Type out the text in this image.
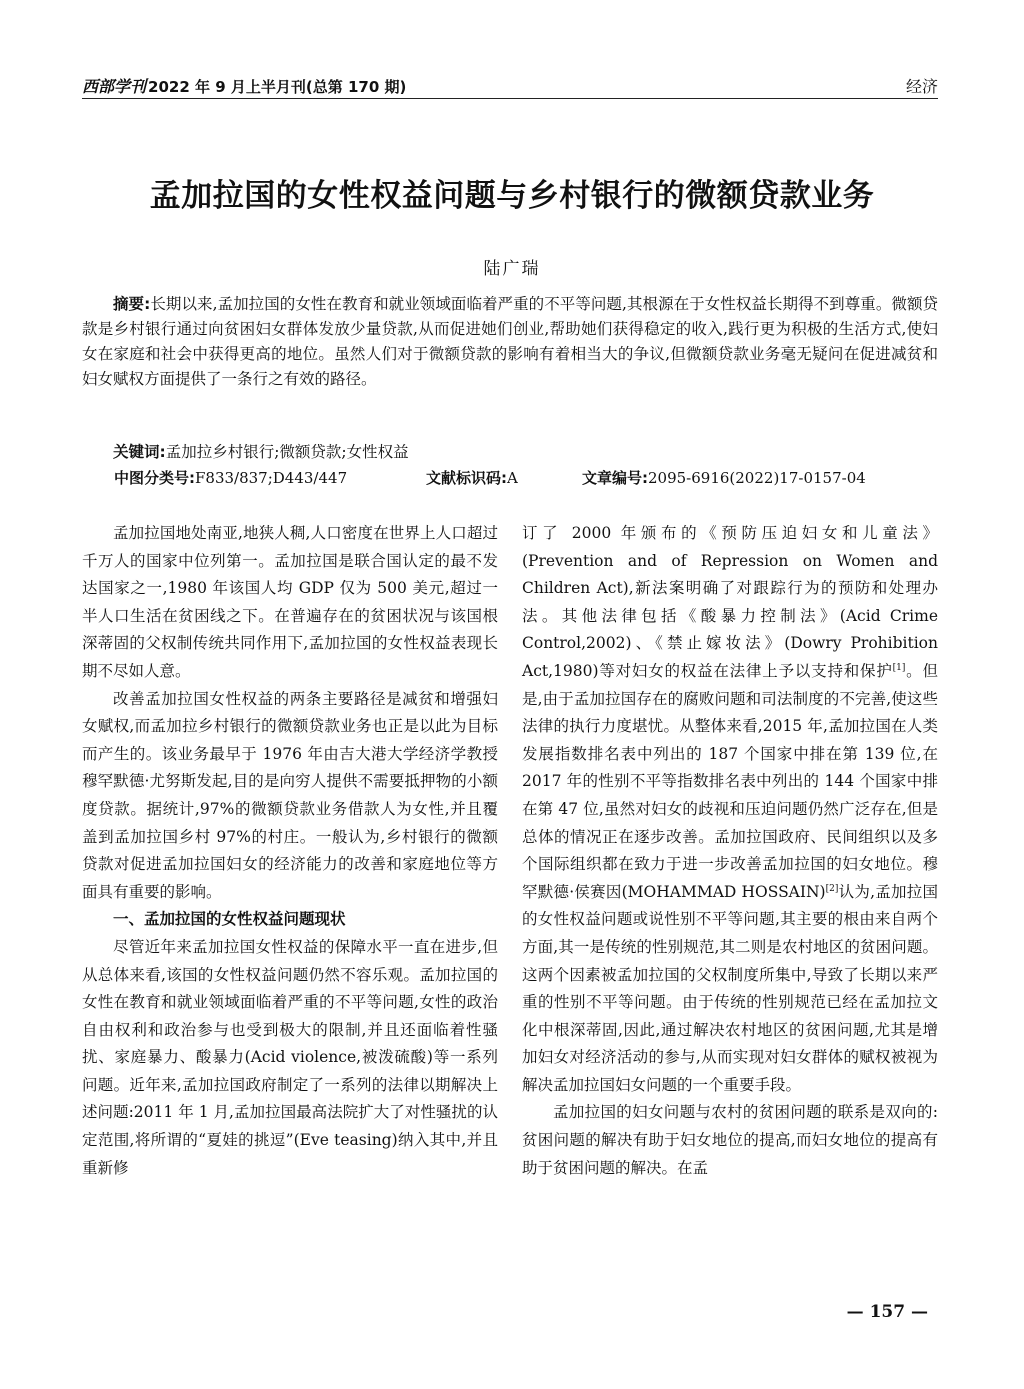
西部学刊 2022 年 9 月上半月刊(总第 170 期)	经济
孟加拉国的女性权益问题与乡村银行的微额贷款业务
陆广瑞
摘要:长期以来,孟加拉国的女性在教育和就业领域面临着严重的不平等问题,其根源在于女性权益长期得不到尊重。微额贷款是乡村银行通过向贫困妇女群体发放少量贷款,从而促进她们创业,帮助她们获得稳定的收入,践行更为积极的生活方式,使妇女在家庭和社会中获得更高的地位。虽然人们对于微额贷款的影响有着相当大的争议,但微额贷款业务毫无疑问在促进减贫和妇女赋权方面提供了一条行之有效的路径。
关键词:孟加拉乡村银行;微额贷款;女性权益
中图分类号:F833/837;D443/447	文献标识码:A	文章编号:2095-6916(2022)17-0157-04

孟加拉国地处南亚,地狭人稠,人口密度在世界上人口超过千万人的国家中位列第一。孟加拉国是联合国认定的最不发达国家之一,1980 年该国人均 GDP 仅为 500 美元,超过一半人口生活在贫困线之下。在普遍存在的贫困状况与该国根深蒂固的父权制传统共同作用下,孟加拉国的女性权益表现长期不尽如人意。

改善孟加拉国女性权益的两条主要路径是减贫和增强妇女赋权,而孟加拉乡村银行的微额贷款业务也正是以此为目标而产生的。该业务最早于 1976 年由吉大港大学经济学教授穆罕默德·尤努斯发起,目的是向穷人提供不需要抵押物的小额度贷款。据统计,97%的微额贷款业务借款人为女性,并且覆盖到孟加拉国乡村 97%的村庄。一般认为,乡村银行的微额贷款对促进孟加拉国妇女的经济能力的改善和家庭地位等方面具有重要的影响。

一、孟加拉国的女性权益问题现状

尽管近年来孟加拉国女性权益的保障水平一直在进步,但从总体来看,该国的女性权益问题仍然不容乐观。孟加拉国的女性在教育和就业领域面临着严重的不平等问题,女性的政治自由权利和政治参与也受到极大的限制,并且还面临着性骚扰、家庭暴力、酸暴力(Acid violence,被泼硫酸)等一系列问题。近年来,孟加拉国政府制定了一系列的法律以期解决上述问题:2011 年 1 月,孟加拉国最高法院扩大了对性骚扰的认定范围,将所谓的“夏娃的挑逗”(Eve teasing)纳入其中,并且重新修

订了 2000 年颁布的《预防压迫妇女和儿童法》(Prevention and of Repression on Women and Children Act),新法案明确了对跟踪行为的预防和处理办法。其他法律包括《酸暴力控制法》(Acid Crime Control,2002)、《禁止嫁妆法》(Dowry Prohibition Act,1980)等对妇女的权益在法律上予以支持和保护[1]。但是,由于孟加拉国存在的腐败问题和司法制度的不完善,使这些法律的执行力度堪忧。从整体来看,2015 年,孟加拉国在人类发展指数排名表中列出的 187 个国家中排在第 139 位,在 2017 年的性别不平等指数排名表中列出的 144 个国家中排在第 47 位,虽然对妇女的歧视和压迫问题仍然广泛存在,但是总体的情况正在逐步改善。孟加拉国政府、民间组织以及多个国际组织都在致力于进一步改善孟加拉国的妇女地位。穆罕默德·侯赛因(MOHAMMAD HOSSAIN)[2]认为,孟加拉国的女性权益问题或说性别不平等问题,其主要的根由来自两个方面,其一是传统的性别规范,其二则是农村地区的贫困问题。这两个因素被孟加拉国的父权制度所集中,导致了长期以来严重的性别不平等问题。由于传统的性别规范已经在孟加拉文化中根深蒂固,因此,通过解决农村地区的贫困问题,尤其是增加妇女对经济活动的参与,从而实现对妇女群体的赋权被视为解决孟加拉国妇女问题的一个重要手段。

孟加拉国的妇女问题与农村的贫困问题的联系是双向的:贫困问题的解决有助于妇女地位的提高,而妇女地位的提高有助于贫困问题的解决。在孟

— 157 —
